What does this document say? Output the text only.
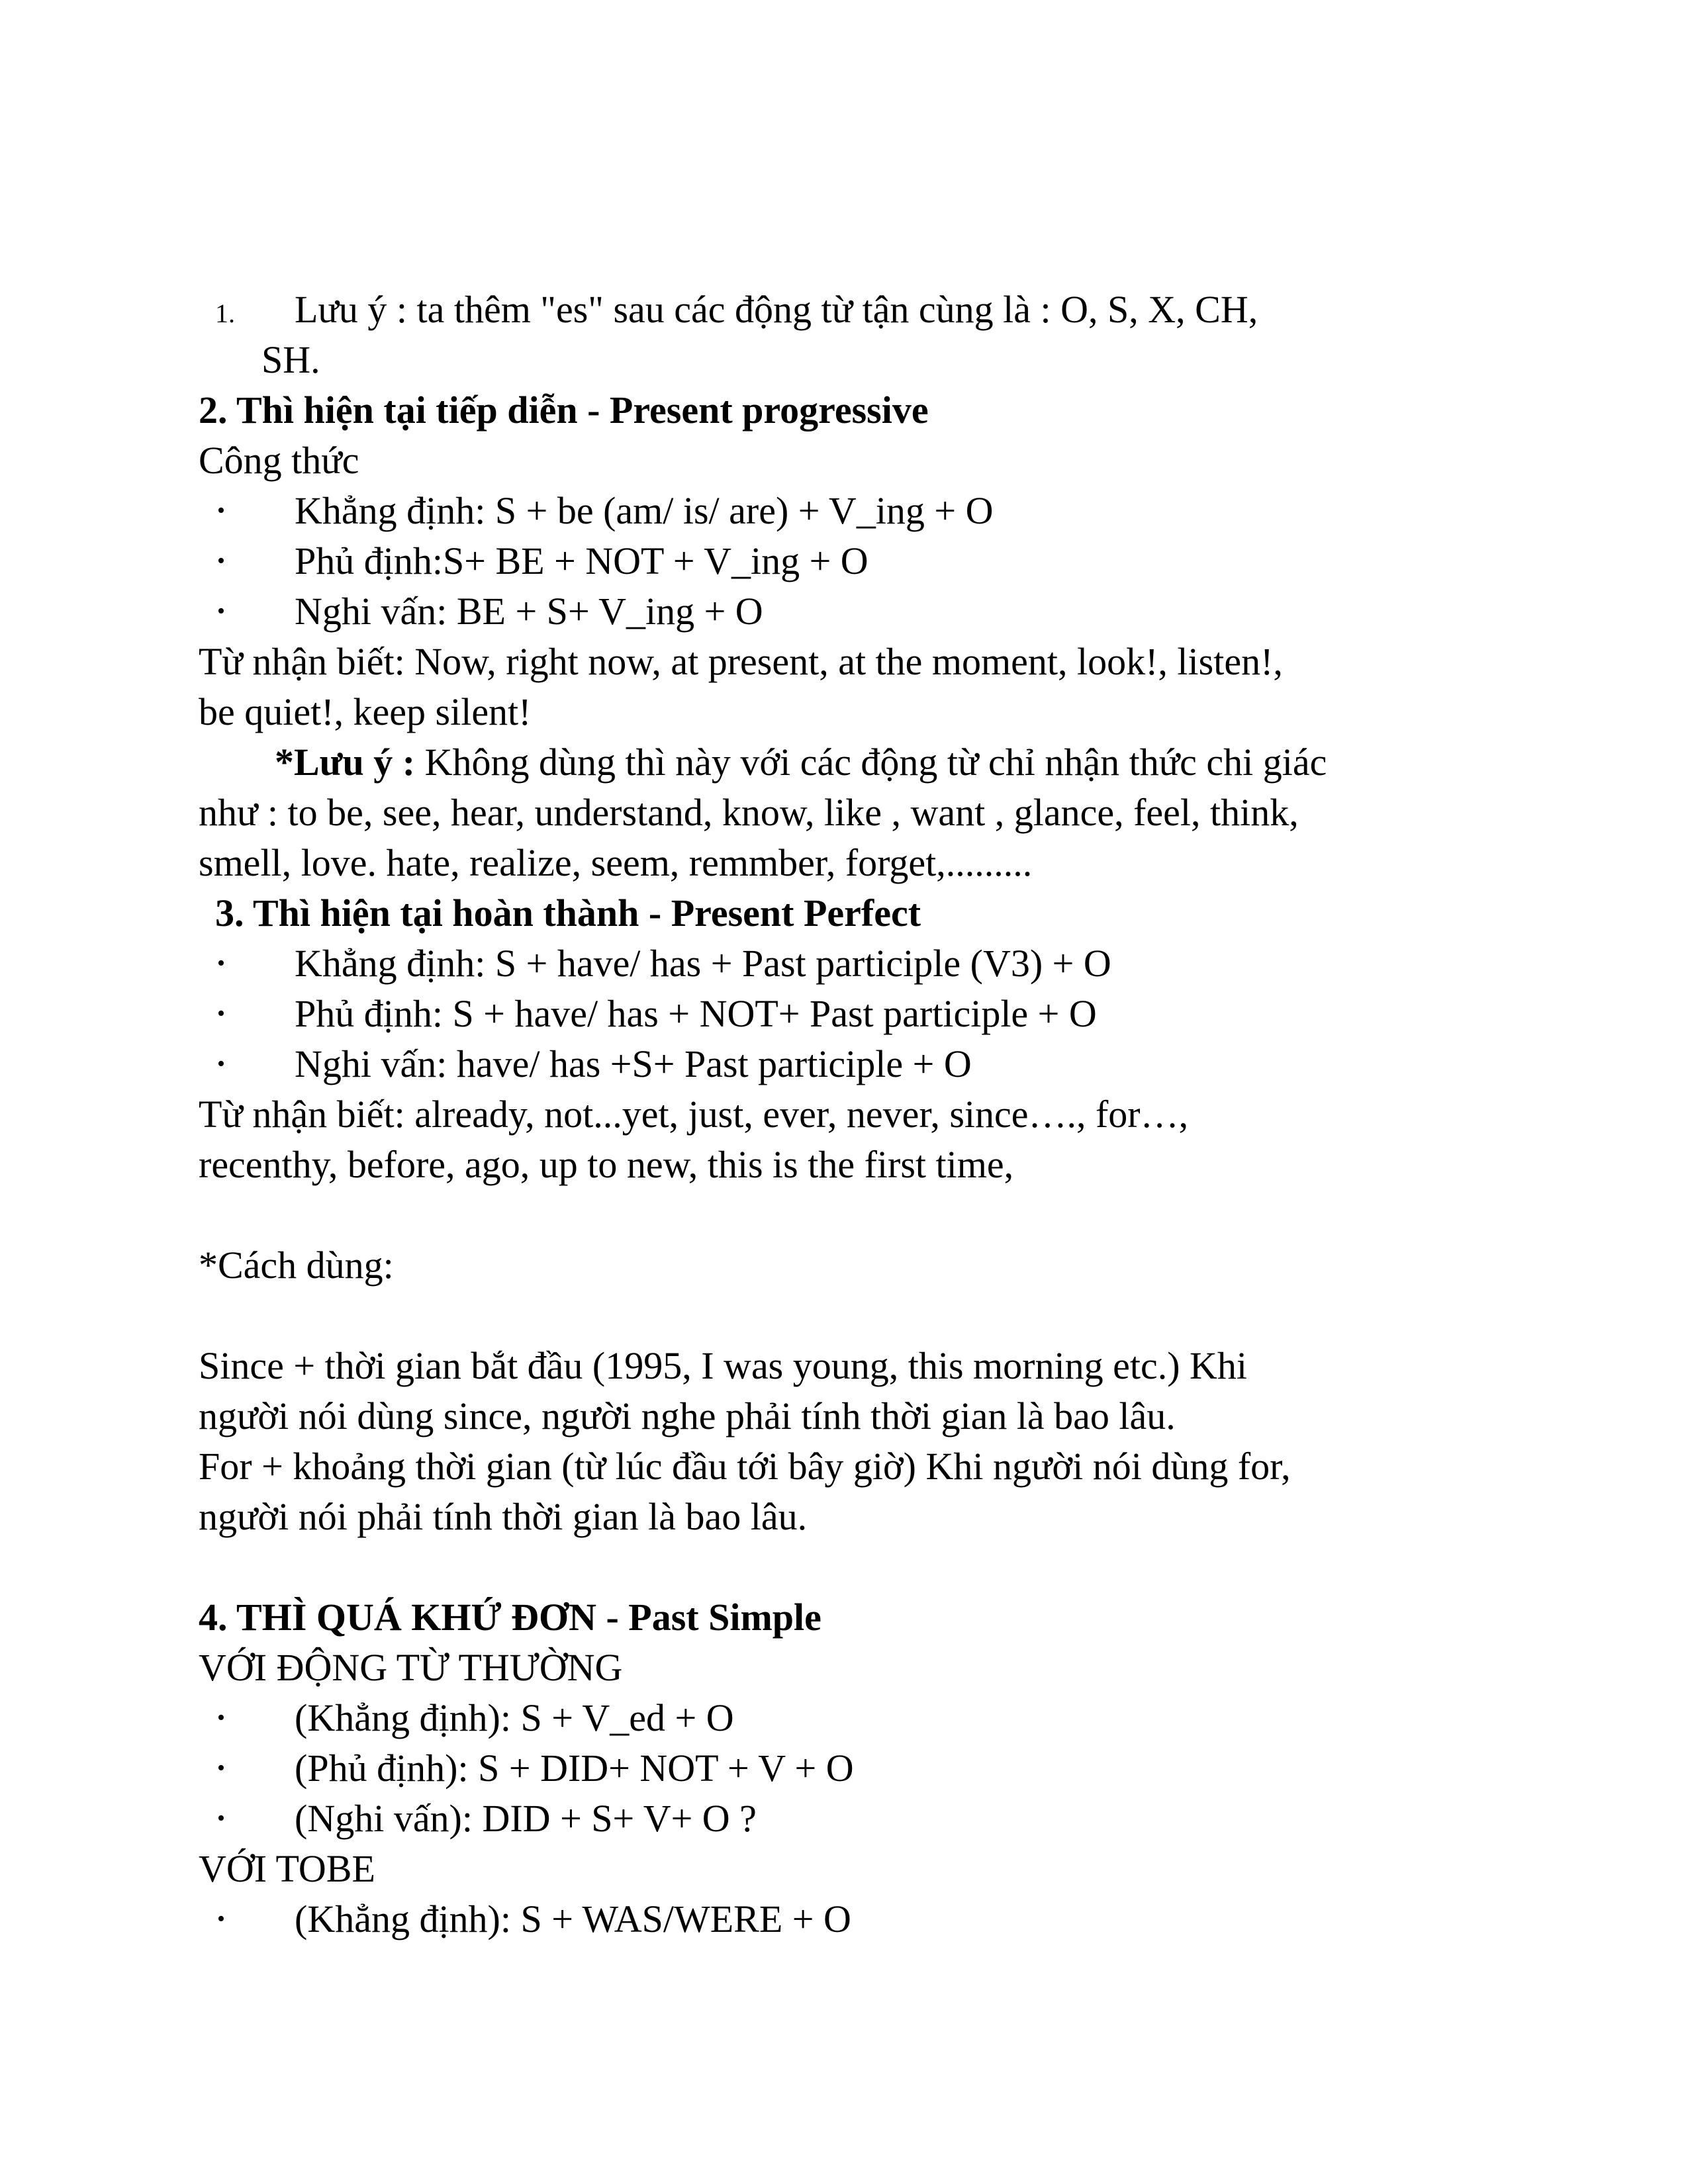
1. Lưu ý : ta thêm "es" sau các động từ tận cùng là : O, S, X, CH,
SH.
2. Thì hiện tại tiếp diễn - Present progressive
Công thức
• Khẳng định: S + be (am/ is/ are) + V_ing + O
• Phủ định:S+ BE + NOT + V_ing + O
• Nghi vấn: BE + S+ V_ing + O
Từ nhận biết: Now, right now, at present, at the moment, look!, listen!,
be quiet!, keep silent!
*Lưu ý : Không dùng thì này với các động từ chỉ nhận thức chi giác
như : to be, see, hear, understand, know, like , want , glance, feel, think,
smell, love. hate, realize, seem, remmber, forget,.........
3. Thì hiện tại hoàn thành - Present Perfect
• Khẳng định: S + have/ has + Past participle (V3) + O
• Phủ định: S + have/ has + NOT+ Past participle + O
• Nghi vấn: have/ has +S+ Past participle + O
Từ nhận biết: already, not...yet, just, ever, never, since…., for…,
recenthy, before, ago, up to new, this is the first time,
*Cách dùng:
Since + thời gian bắt đầu (1995, I was young, this morning etc.) Khi
người nói dùng since, người nghe phải tính thời gian là bao lâu.
For + khoảng thời gian (từ lúc đầu tới bây giờ) Khi người nói dùng for,
người nói phải tính thời gian là bao lâu.
4. THÌ QUÁ KHỨ ĐƠN - Past Simple
VỚI ĐỘNG TỪ THƯỜNG
• (Khẳng định): S + V_ed + O
• (Phủ định): S + DID+ NOT + V + O
• (Nghi vấn): DID + S+ V+ O ?
VỚI TOBE
• (Khẳng định): S + WAS/WERE + O
